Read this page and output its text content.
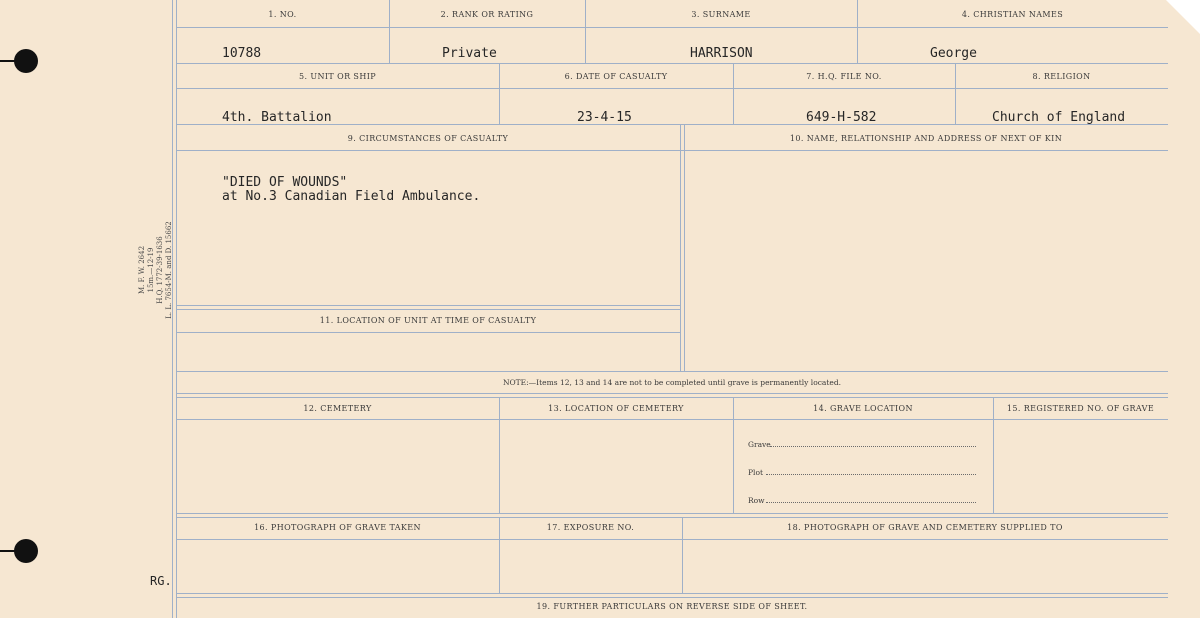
M. F. W. 2642 15m.—12-19 H.Q. 1772-39-1636 L. L. 7654-M. and D. 15662
RG.
1. NO.	2. RANK OR RATING	3. SURNAME	4. CHRISTIAN NAMES
10788	Private	HARRISON	George
5. UNIT OR SHIP	6. DATE OF CASUALTY	7. H.Q. FILE NO.	8. RELIGION
4th. Battalion	23-4-15	649-H-582	Church of England
9. CIRCUMSTANCES OF CASUALTY	10. NAME, RELATIONSHIP AND ADDRESS OF NEXT OF KIN
"DIED OF WOUNDS"
at No.3 Canadian Field Ambulance.
11. LOCATION OF UNIT AT TIME OF CASUALTY
NOTE:—Items 12, 13 and 14 are not to be completed until grave is permanently located.
12. CEMETERY	13. LOCATION OF CEMETERY	14. GRAVE LOCATION	15. REGISTERED NO. OF GRAVE
Grave
Plot
Row
16. PHOTOGRAPH OF GRAVE TAKEN	17. EXPOSURE NO.	18. PHOTOGRAPH OF GRAVE AND CEMETERY SUPPLIED TO
19. FURTHER PARTICULARS ON REVERSE SIDE OF SHEET.
